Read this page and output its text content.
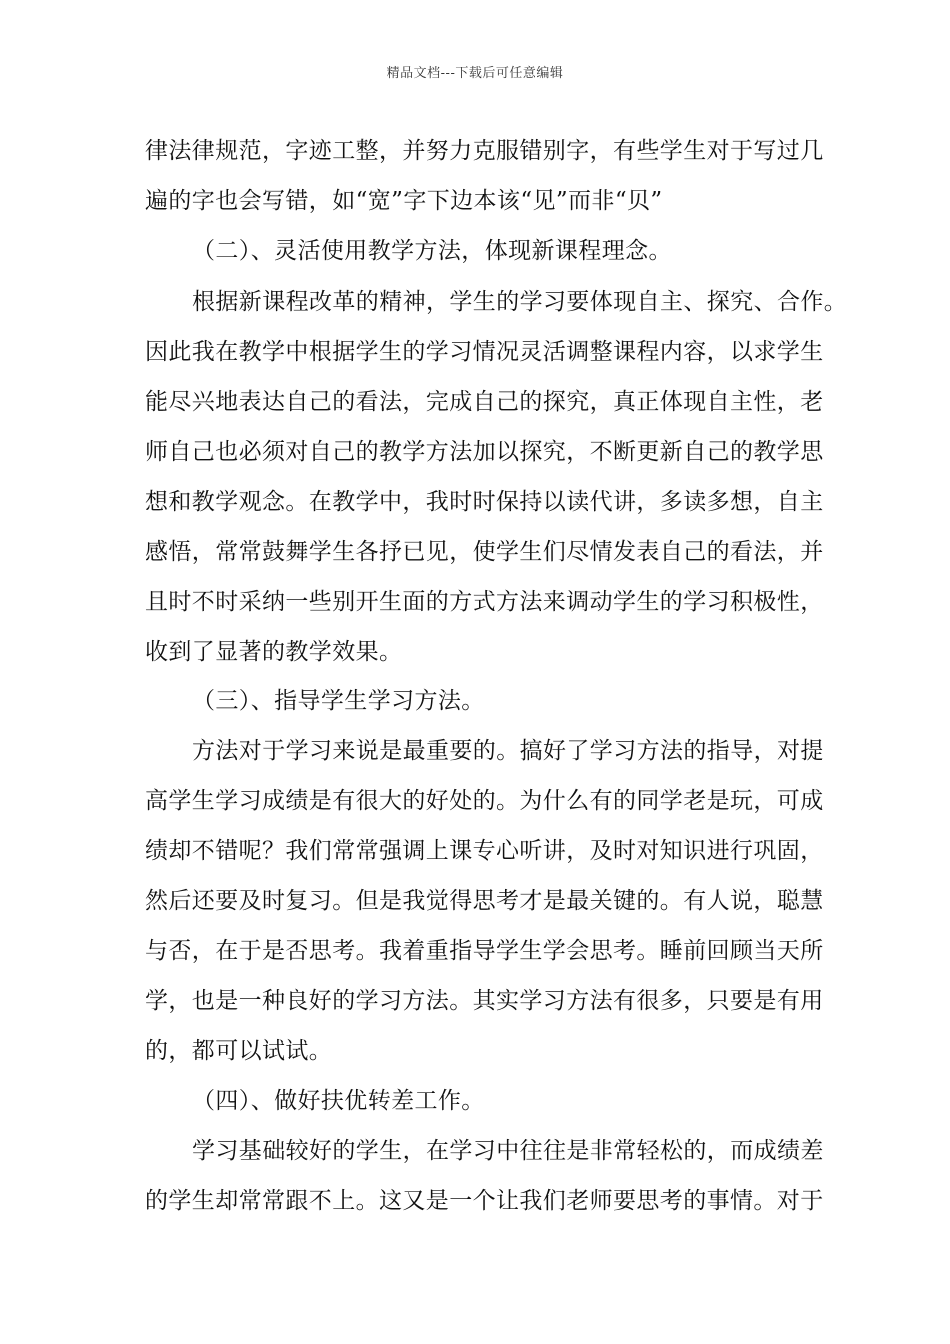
精品文档---下载后可任意编辑
律法律规范，字迹工整，并努力克服错别字，有些学生对于写过几
遍的字也会写错，如“宽”字下边本该“见”而非“贝”
（二）、灵活使用教学方法，体现新课程理念。
根据新课程改革的精神，学生的学习要体现自主、探究、合作。
因此我在教学中根据学生的学习情况灵活调整课程内容，以求学生
能尽兴地表达自己的看法，完成自己的探究，真正体现自主性，老
师自己也必须对自己的教学方法加以探究，不断更新自己的教学思
想和教学观念。在教学中，我时时保持以读代讲，多读多想，自主
感悟，常常鼓舞学生各抒已见，使学生们尽情发表自己的看法，并
且时不时采纳一些别开生面的方式方法来调动学生的学习积极性，
收到了显著的教学效果。
（三）、指导学生学习方法。
方法对于学习来说是最重要的。搞好了学习方法的指导，对提
高学生学习成绩是有很大的好处的。为什么有的同学老是玩，可成
绩却不错呢？我们常常强调上课专心听讲，及时对知识进行巩固，
然后还要及时复习。但是我觉得思考才是最关键的。有人说，聪慧
与否，在于是否思考。我着重指导学生学会思考。睡前回顾当天所
学，也是一种良好的学习方法。其实学习方法有很多，只要是有用
的，都可以试试。
（四）、做好扶优转差工作。
学习基础较好的学生，在学习中往往是非常轻松的，而成绩差
的学生却常常跟不上。这又是一个让我们老师要思考的事情。对于
